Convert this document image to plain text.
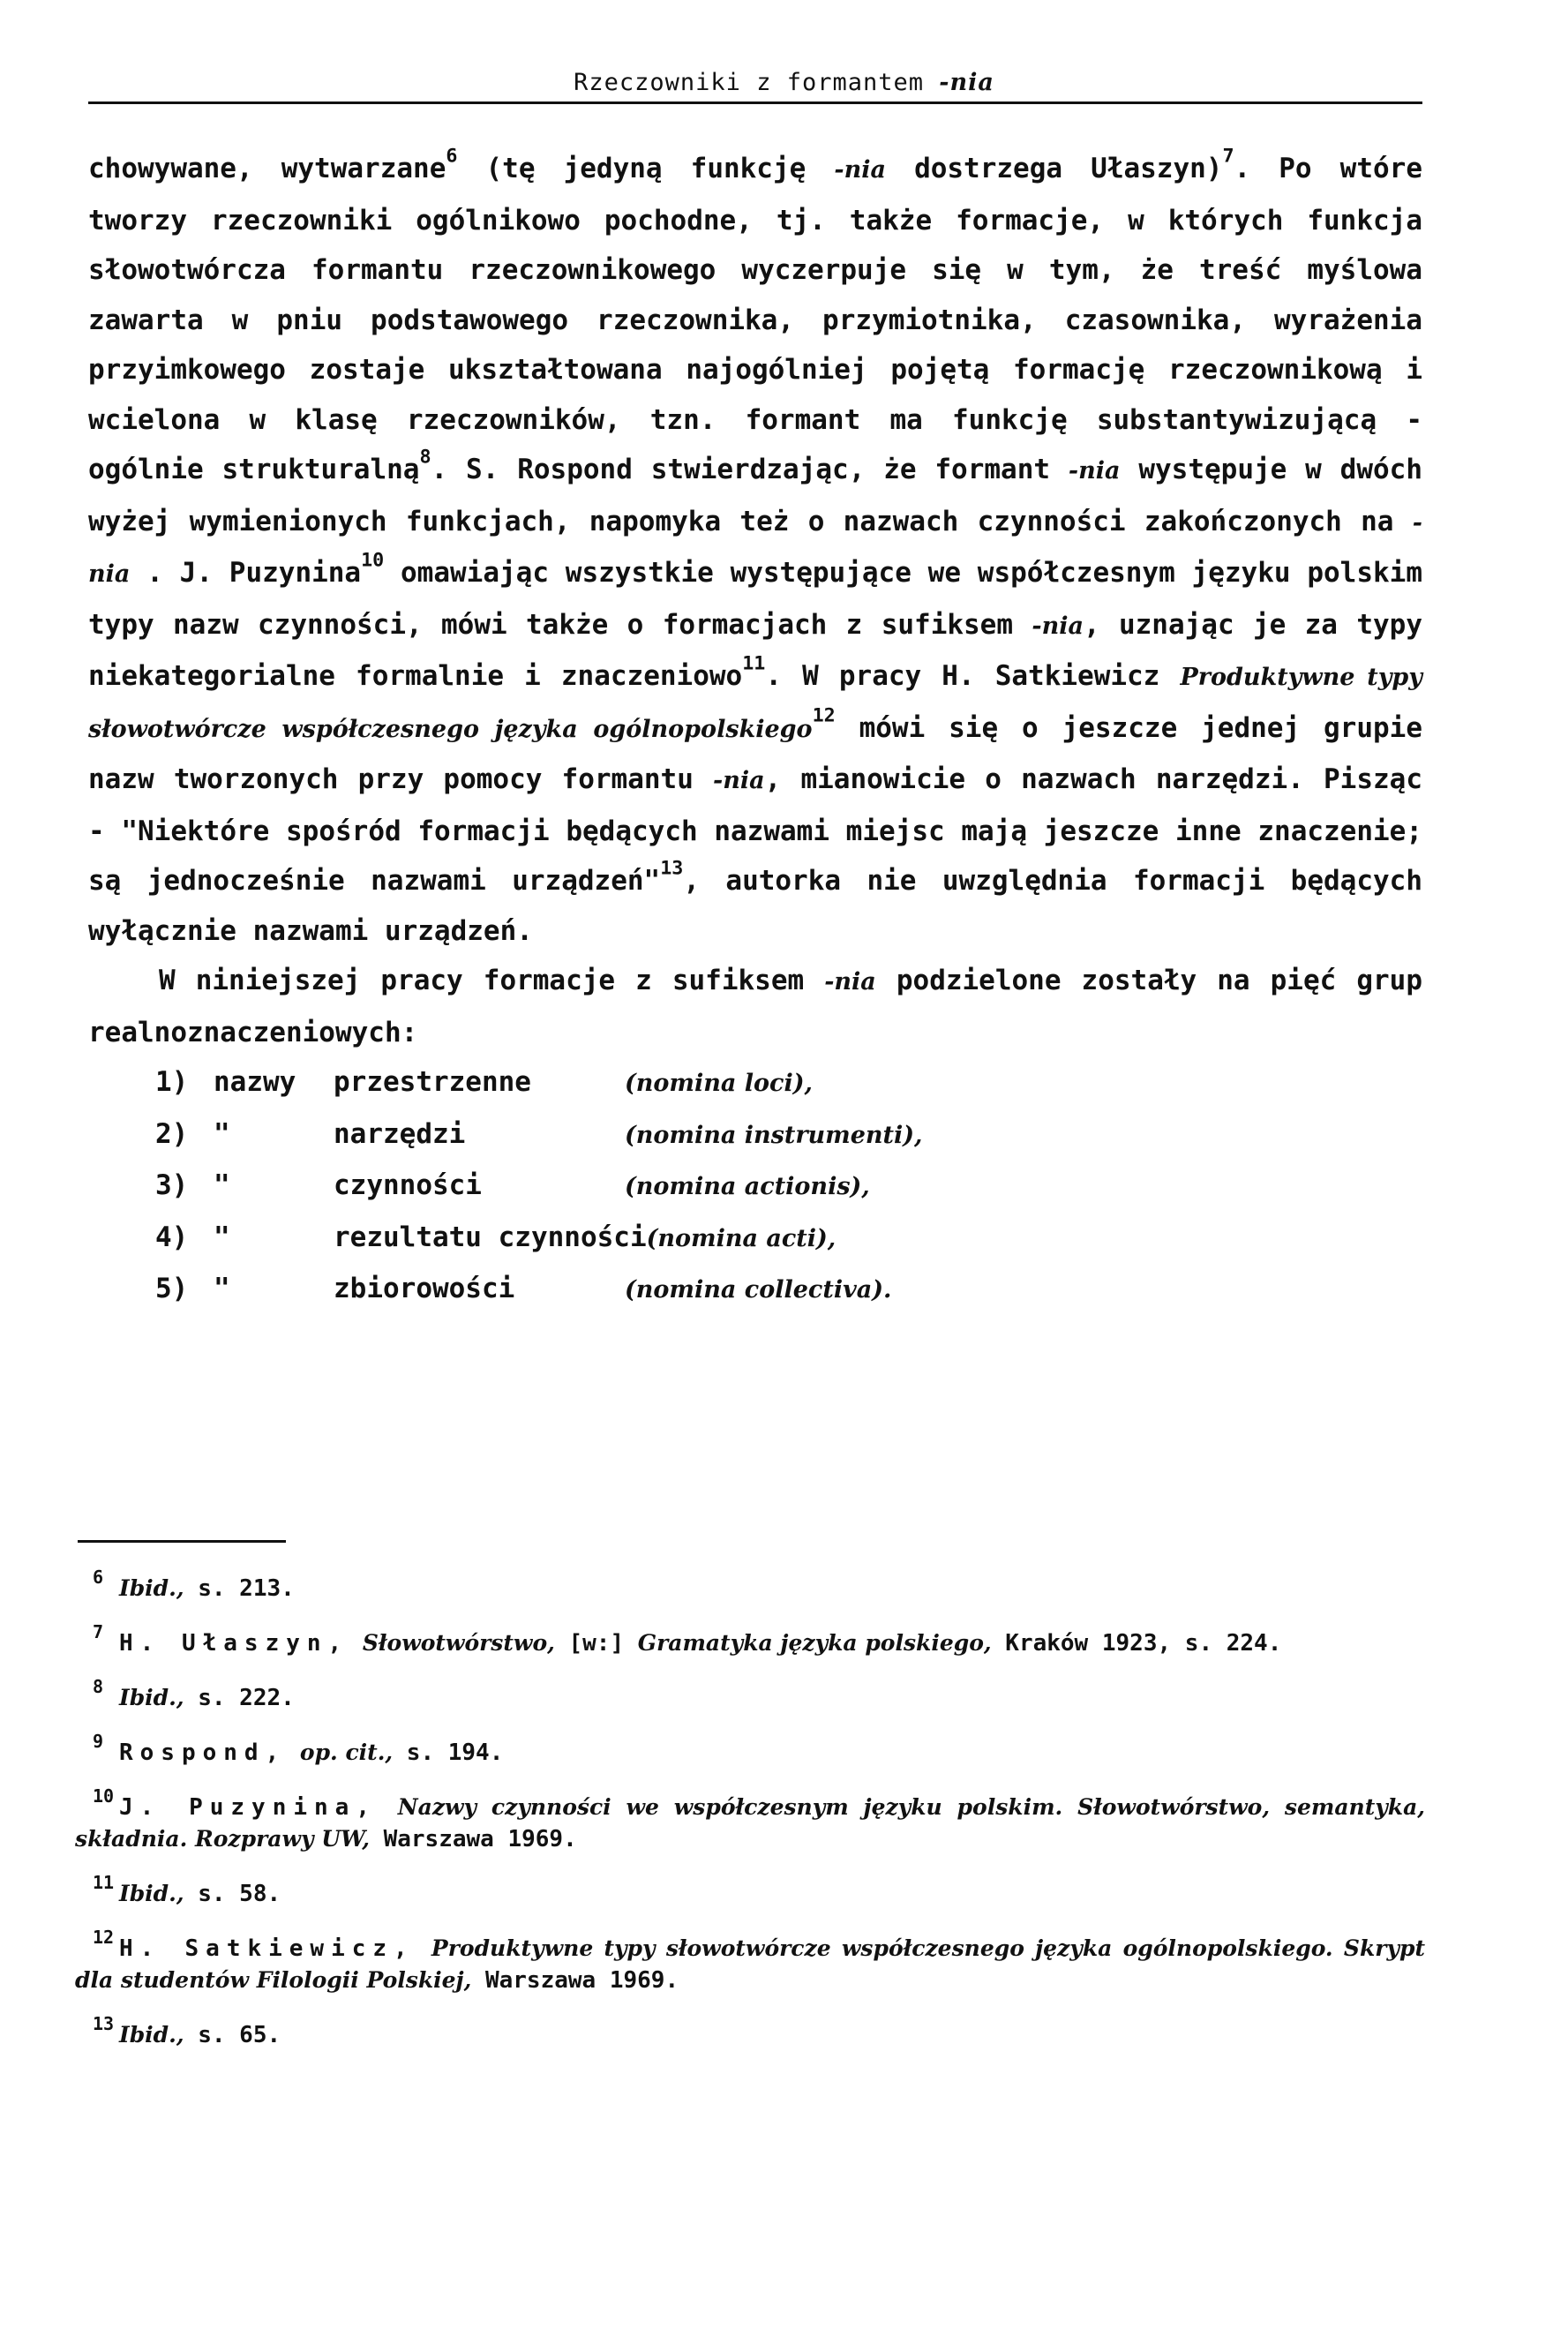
Rzeczowniki z formantem -nia

chowywane, wytwarzane$^6$ (tę jedyną funkcję -nia dostrzega Ułaszyn)$^7$. Po wtóre tworzy rzeczowniki ogólnikowo pochodne, tj. także formacje, w których funkcja słowotwórcza formantu rzeczownikowego wyczerpuje się w tym, że treść myślowa zawarta w pniu podstawowego rzeczownika, przymiotnika, czasownika, wyrażenia przyimkowego zostaje ukształtowana najogólniej pojętą formację rzeczownikową i wcielona w klasę rzeczowników, tzn. formant ma funkcję substantywizującą - ogólnie strukturalną$^8$. S. Rospond stwierdzając, że formant -nia występuje w dwóch wyżej wymienionych funkcjach, napomyka też o nazwach czynności zakończonych na -nia . J. Puzynina$^{10}$ omawiając wszystkie występujące we współczesnym języku polskim typy nazw czynności, mówi także o formacjach z sufiksem -nia, uznając je za typy niekategorialne formalnie i znaczeniowo$^{11}$. W pracy H. Satkiewicz Produktywne typy słowotwórcze współczesnego języka ogólnopolskiego$^{12}$ mówi się o jeszcze jednej grupie nazw tworzonych przy pomocy formantu -nia, mianowicie o nazwach narzędzi. Pisząc - "Niektóre spośród formacji będących nazwami miejsc mają jeszcze inne znaczenie; są jednocześnie nazwami urządzeń"$^{13}$, autorka nie uwzględnia formacji będących wyłącznie nazwami urządzeń.

W niniejszej pracy formacje z sufiksem -nia podzielone zostały na pięć grup realnoznaczeniowych:

1) nazwy	przestrzenne	(nomina loci),
2) "	narzędzi	(nomina instrumenti),
3) "	czynności	(nomina actionis),
4) "	rezultatu czynności (nomina acti),
5) "	zbiorowości	(nomina collectiva).
6 Ibid., s. 213.
7 H. Ułaszyn, Słowotwórstwo, [w:] Gramatyka języka polskiego, Kraków 1923, s. 224.
8 Ibid., s. 222.
9 Rospond, op. cit., s. 194.
10 J. Puzynina, Nazwy czynności we współczesnym języku polskim. Słowotwórstwo, semantyka, składnia. Rozprawy UW, Warszawa 1969.
11 Ibid., s. 58.
12 H. Satkiewicz, Produktywne typy słowotwórcze współczesnego języka ogólnopolskiego. Skrypt dla studentów Filologii Polskiej, Warszawa 1969.
13 Ibid., s. 65.
